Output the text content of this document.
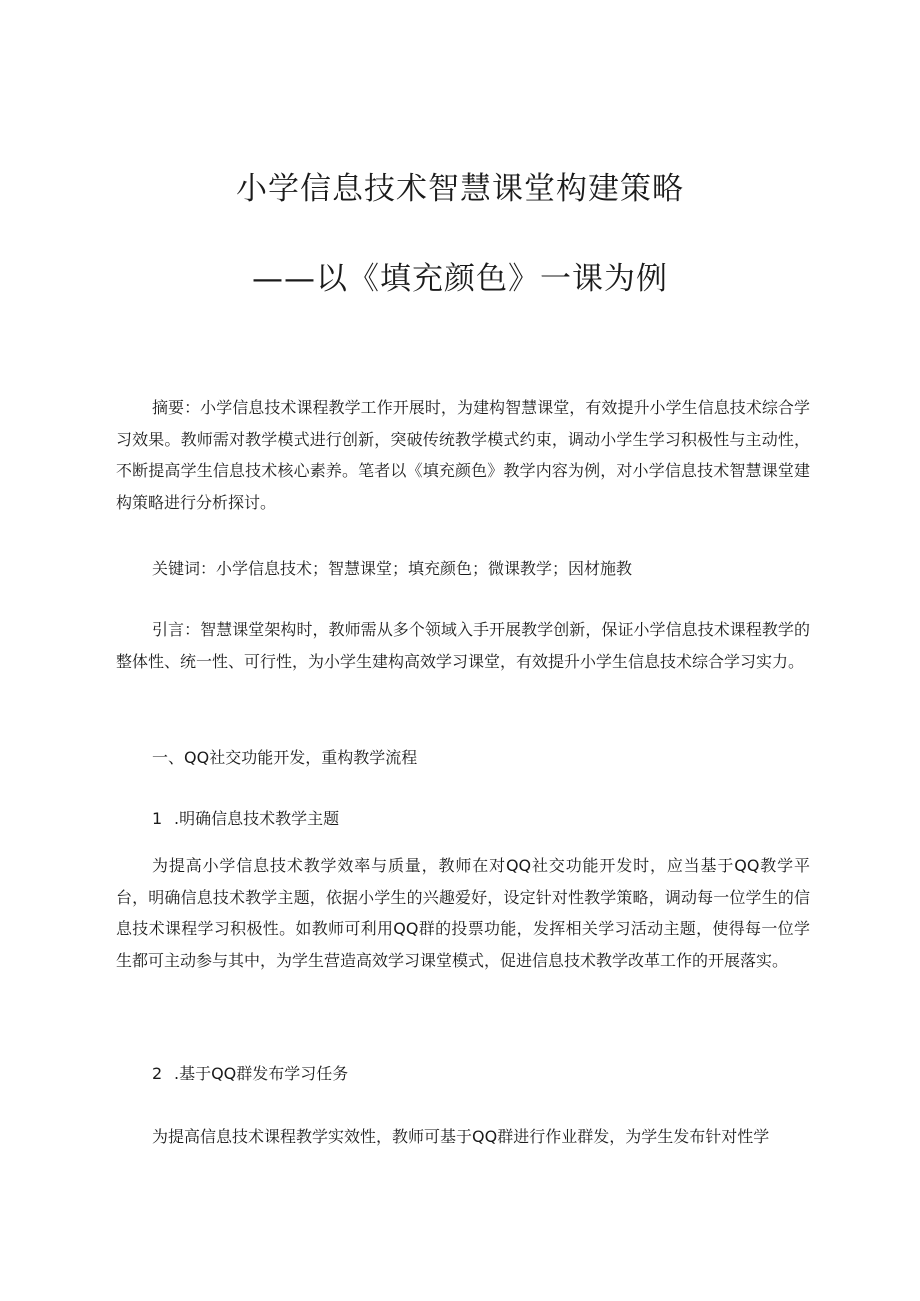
小学信息技术智慧课堂构建策略
——以《填充颜色》一课为例
摘要：小学信息技术课程教学工作开展时，为建构智慧课堂，有效提升小学生信息技术综合学习效果。教师需对教学模式进行创新，突破传统教学模式约束，调动小学生学习积极性与主动性，不断提高学生信息技术核心素养。笔者以《填充颜色》教学内容为例，对小学信息技术智慧课堂建构策略进行分析探讨。
关键词：小学信息技术；智慧课堂；填充颜色；微课教学；因材施教
引言：智慧课堂架构时，教师需从多个领域入手开展教学创新，保证小学信息技术课程教学的整体性、统一性、可行性，为小学生建构高效学习课堂，有效提升小学生信息技术综合学习实力。
一、QQ社交功能开发，重构教学流程
1 .明确信息技术教学主题
为提高小学信息技术教学效率与质量，教师在对QQ社交功能开发时，应当基于QQ教学平台，明确信息技术教学主题，依据小学生的兴趣爱好，设定针对性教学策略，调动每一位学生的信息技术课程学习积极性。如教师可利用QQ群的投票功能，发挥相关学习活动主题，使得每一位学生都可主动参与其中，为学生营造高效学习课堂模式，促进信息技术教学改革工作的开展落实。
2 .基于QQ群发布学习任务
为提高信息技术课程教学实效性，教师可基于QQ群进行作业群发，为学生发布针对性学
